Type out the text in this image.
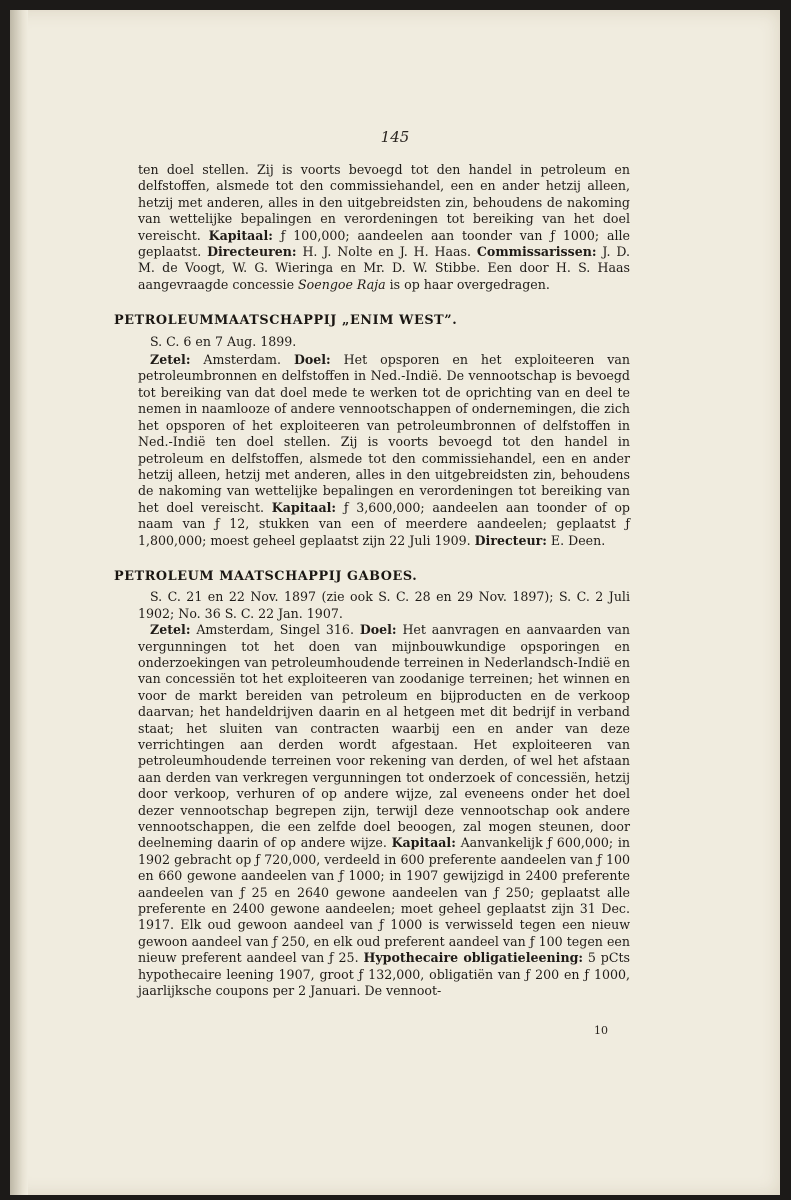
145

ten doel stellen. Zij is voorts bevoegd tot den handel in petroleum en delfstoffen, alsmede tot den commissiehandel, een en ander hetzij alleen, hetzij met anderen, alles in den uitgebreidsten zin, behoudens de nakoming van wettelijke bepalingen en verordeningen tot bereiking van het doel vereischt. Kapitaal: ƒ 100,000; aandeelen aan toonder van ƒ 1000; alle geplaatst. Directeuren: H. J. Nolte en J. H. Haas. Commissarissen: J. D. M. de Voogt, W. G. Wieringa en Mr. D. W. Stibbe. Een door H. S. Haas aangevraagde concessie Soengoe Raja is op haar overgedragen.

PETROLEUMMAATSCHAPPIJ „ENIM WEST”.

S. C. 6 en 7 Aug. 1899.

Zetel: Amsterdam. Doel: Het opsporen en het exploiteeren van petroleumbronnen en delfstoffen in Ned.-Indië. De vennootschap is bevoegd tot bereiking van dat doel mede te werken tot de oprichting van en deel te nemen in naamlooze of andere vennootschappen of ondernemingen, die zich het opsporen of het exploiteeren van petroleumbronnen of delfstoffen in Ned.-Indië ten doel stellen. Zij is voorts bevoegd tot den handel in petroleum en delfstoffen, alsmede tot den commissiehandel, een en ander hetzij alleen, hetzij met anderen, alles in den uitgebreidsten zin, behoudens de nakoming van wettelijke bepalingen en verordeningen tot bereiking van het doel vereischt. Kapitaal: ƒ 3,600,000; aandeelen aan toonder of op naam van ƒ 12, stukken van een of meerdere aandeelen; geplaatst ƒ 1,800,000; moest geheel geplaatst zijn 22 Juli 1909. Directeur: E. Deen.

PETROLEUM MAATSCHAPPIJ GABOES.

S. C. 21 en 22 Nov. 1897 (zie ook S. C. 28 en 29 Nov. 1897); S. C. 2 Juli 1902; No. 36 S. C. 22 Jan. 1907.

Zetel: Amsterdam, Singel 316. Doel: Het aanvragen en aanvaarden van vergunningen tot het doen van mijnbouwkundige opsporingen en onderzoekingen van petroleumhoudende terreinen in Nederlandsch-Indië en van concessiën tot het exploiteeren van zoodanige terreinen; het winnen en voor de markt bereiden van petroleum en bijproducten en de verkoop daarvan; het handeldrijven daarin en al hetgeen met dit bedrijf in verband staat; het sluiten van contracten waarbij een en ander van deze verrichtingen aan derden wordt afgestaan. Het exploiteeren van petroleumhoudende terreinen voor rekening van derden, of wel het afstaan aan derden van verkregen vergunningen tot onderzoek of concessiën, hetzij door verkoop, verhuren of op andere wijze, zal eveneens onder het doel dezer vennootschap begrepen zijn, terwijl deze vennootschap ook andere vennootschappen, die een zelfde doel beoogen, zal mogen steunen, door deelneming daarin of op andere wijze. Kapitaal: Aanvankelijk ƒ 600,000; in 1902 gebracht op ƒ 720,000, verdeeld in 600 preferente aandeelen van ƒ 100 en 660 gewone aandeelen van ƒ 1000; in 1907 gewijzigd in 2400 preferente aandeelen van ƒ 25 en 2640 gewone aandeelen van ƒ 250; geplaatst alle preferente en 2400 gewone aandeelen; moet geheel geplaatst zijn 31 Dec. 1917. Elk oud gewoon aandeel van ƒ 1000 is verwisseld tegen een nieuw gewoon aandeel van ƒ 250, en elk oud preferent aandeel van ƒ 100 tegen een nieuw preferent aandeel van ƒ 25. Hypothecaire obligatieleening: 5 pCts hypothecaire leening 1907, groot ƒ 132,000, obligatiën van ƒ 200 en ƒ 1000, jaarlijksche coupons per 2 Januari. De vennoot-

10
